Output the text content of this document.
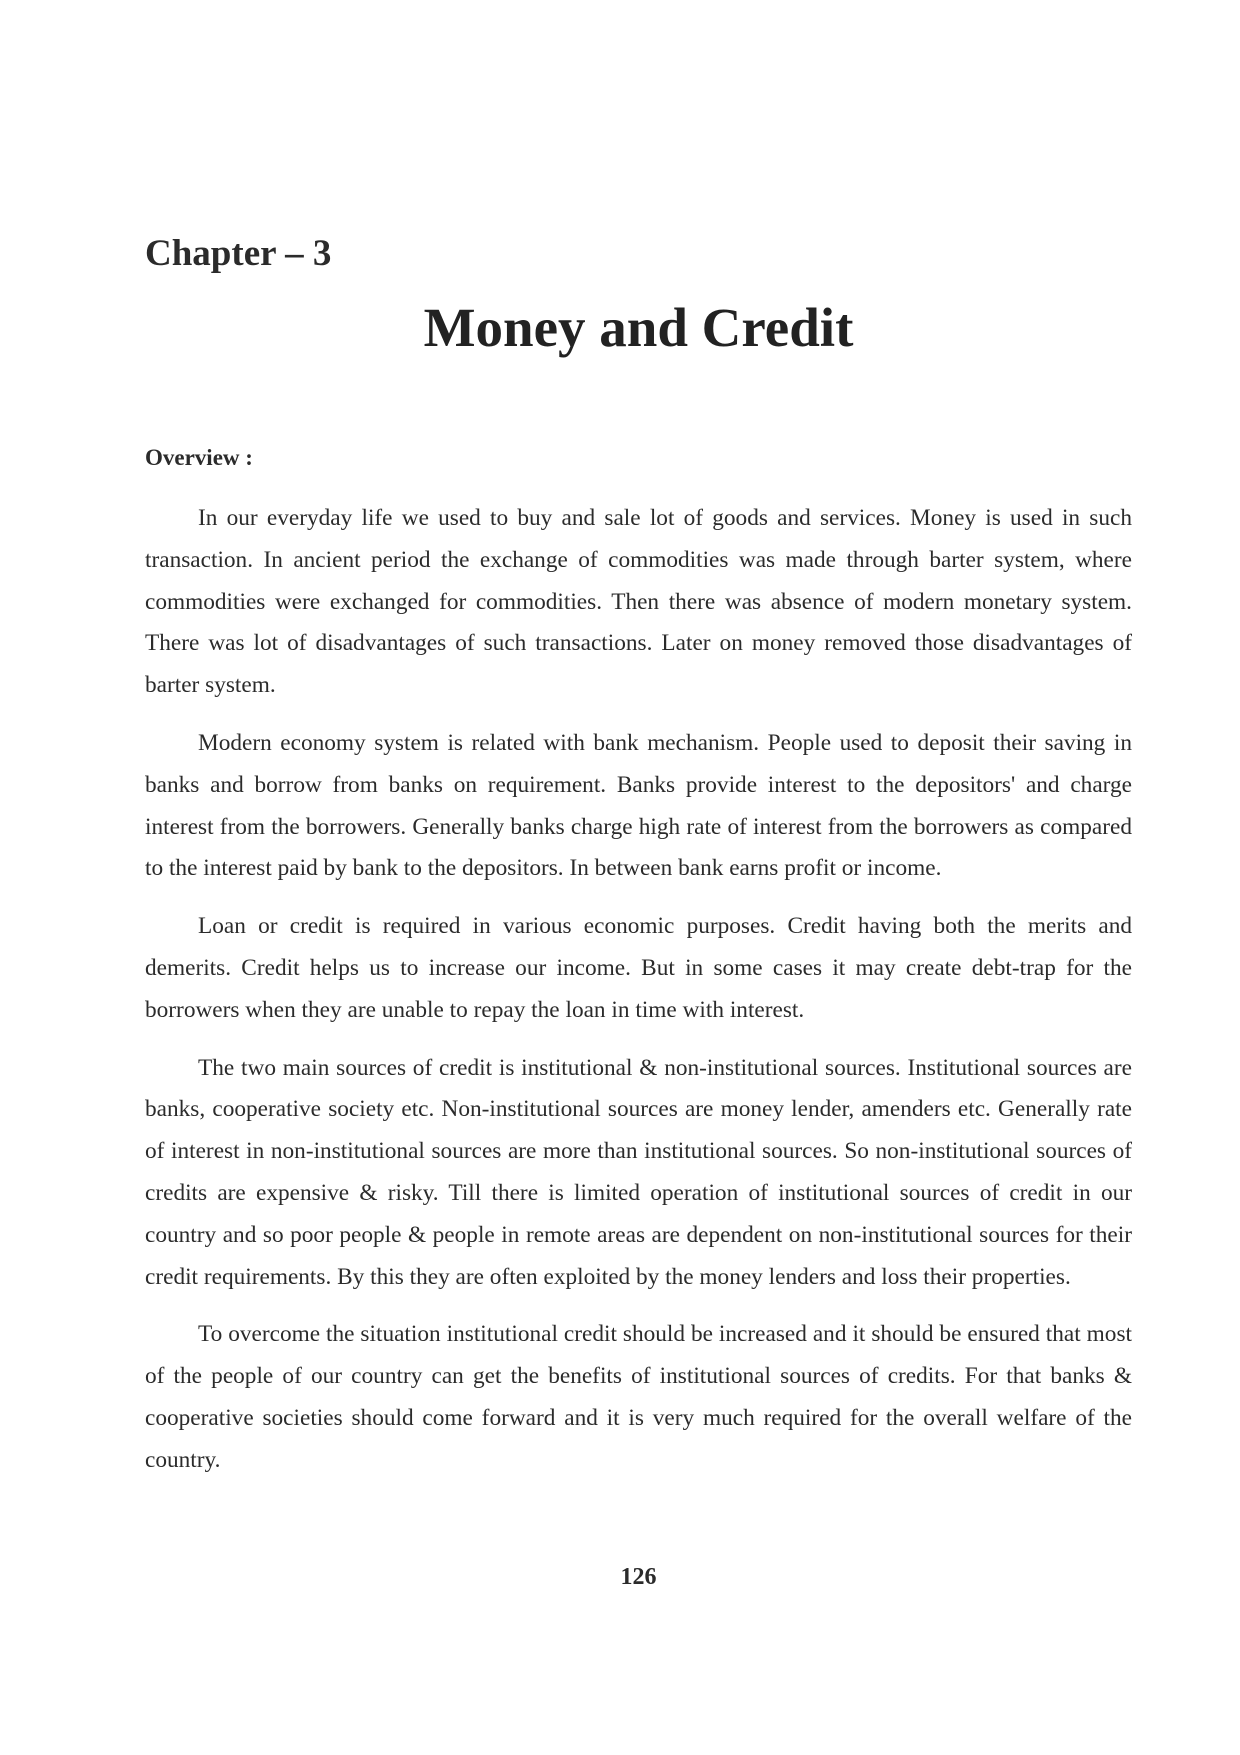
Chapter – 3
Money and Credit
Overview :

In our everyday life we used to buy and sale lot of goods and services. Money is used in such transaction. In ancient period the exchange of commodities was made through barter system, where commodities were exchanged for commodities. Then there was absence of modern monetary system. There was lot of disadvantages of such transactions. Later on money removed those disadvantages of barter system.

Modern economy system is related with bank mechanism. People used to deposit their saving in banks and borrow from banks on requirement. Banks provide interest to the depositors' and charge interest from the borrowers. Generally banks charge high rate of interest from the borrowers as compared to the interest paid by bank to the depositors. In between bank earns profit or income.

Loan or credit is required in various economic purposes. Credit having both the merits and demerits. Credit helps us to increase our income. But in some cases it may create debt-trap for the borrowers when they are unable to repay the loan in time with interest.

The two main sources of credit is institutional & non-institutional sources. Institutional sources are banks, cooperative society etc. Non-institutional sources are money lender, amenders etc. Generally rate of interest in non-institutional sources are more than institutional sources. So non-institutional sources of credits are expensive & risky. Till there is limited operation of institutional sources of credit in our country and so poor people & people in remote areas are dependent on non-institutional sources for their credit requirements. By this they are often exploited by the money lenders and loss their properties.

To overcome the situation institutional credit should be increased and it should be ensured that most of the people of our country can get the benefits of institutional sources of credits. For that banks & cooperative societies should come forward and it is very much required for the overall welfare of the country.

126
